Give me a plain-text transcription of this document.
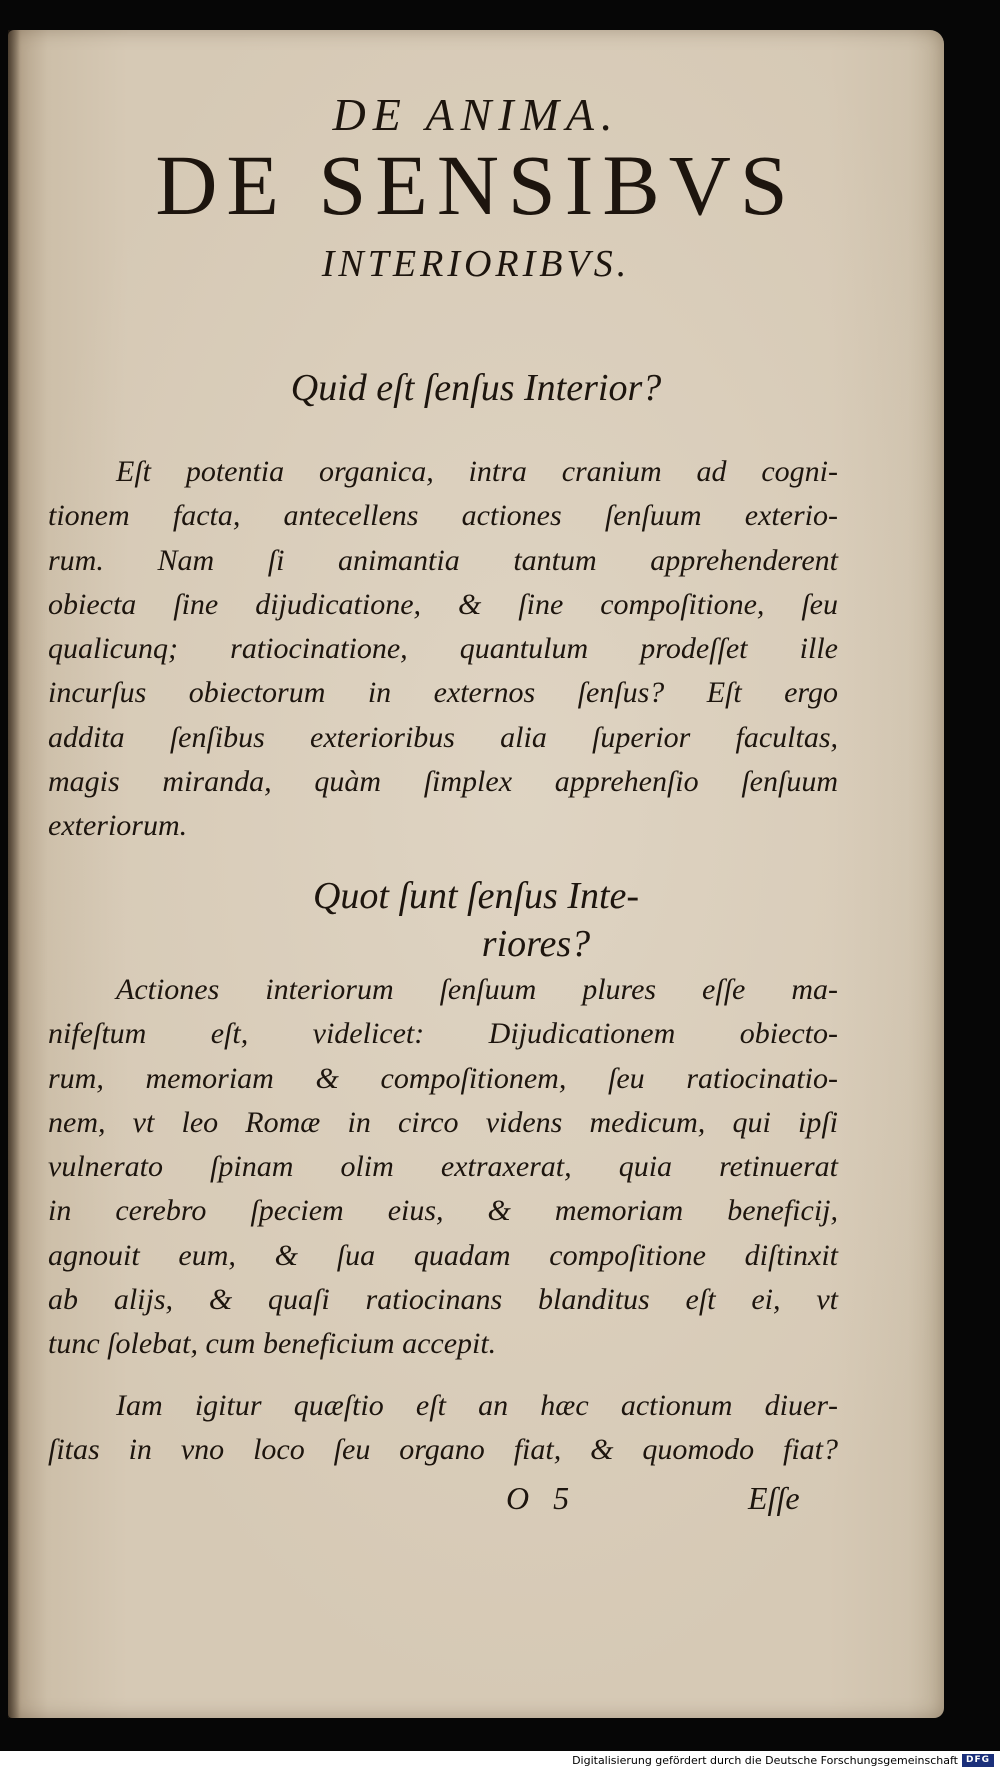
DE ANIMA.
DE SENSIBVS
INTERIORIBVS.
Quid eſt ſenſus Interior?
Eſt potentia organica, intra cranium ad cogni‑
tionem facta, antecellens actiones ſenſuum exterio‑
rum. Nam ſi animantia tantum apprehenderent
obiecta ſine dijudicatione, & ſine compoſitione, ſeu
qualicunq; ratiocinatione, quantulum prodeſſet ille
incurſus obiectorum in externos ſenſus? Eſt ergo
addita ſenſibus exterioribus alia ſuperior facultas,
magis miranda, quàm ſimplex apprehenſio ſenſuum
exteriorum.
Quot ſunt ſenſus Inte‑
riores?
Actiones interiorum ſenſuum plures eſſe ma‑
nifeſtum eſt, videlicet: Dijudicationem obiecto‑
rum, memoriam & compoſitionem, ſeu ratiocinatio‑
nem, vt leo Romæ in circo videns medicum, qui ipſi
vulnerato ſpinam olim extraxerat, quia retinuerat
in cerebro ſpeciem eius, & memoriam beneficij,
agnouit eum, & ſua quadam compoſitione diſtinxit
ab alijs, & quaſi ratiocinans blanditus eſt ei, vt
tunc ſolebat, cum beneficium accepit.
Iam igitur quæſtio eſt an hæc actionum diuer‑
ſitas in vno loco ſeu organo fiat, & quomodo fiat?
O 5	Eſſe
Digitalisierung gefördert durch die Deutsche Forschungsgemeinschaft DFG
